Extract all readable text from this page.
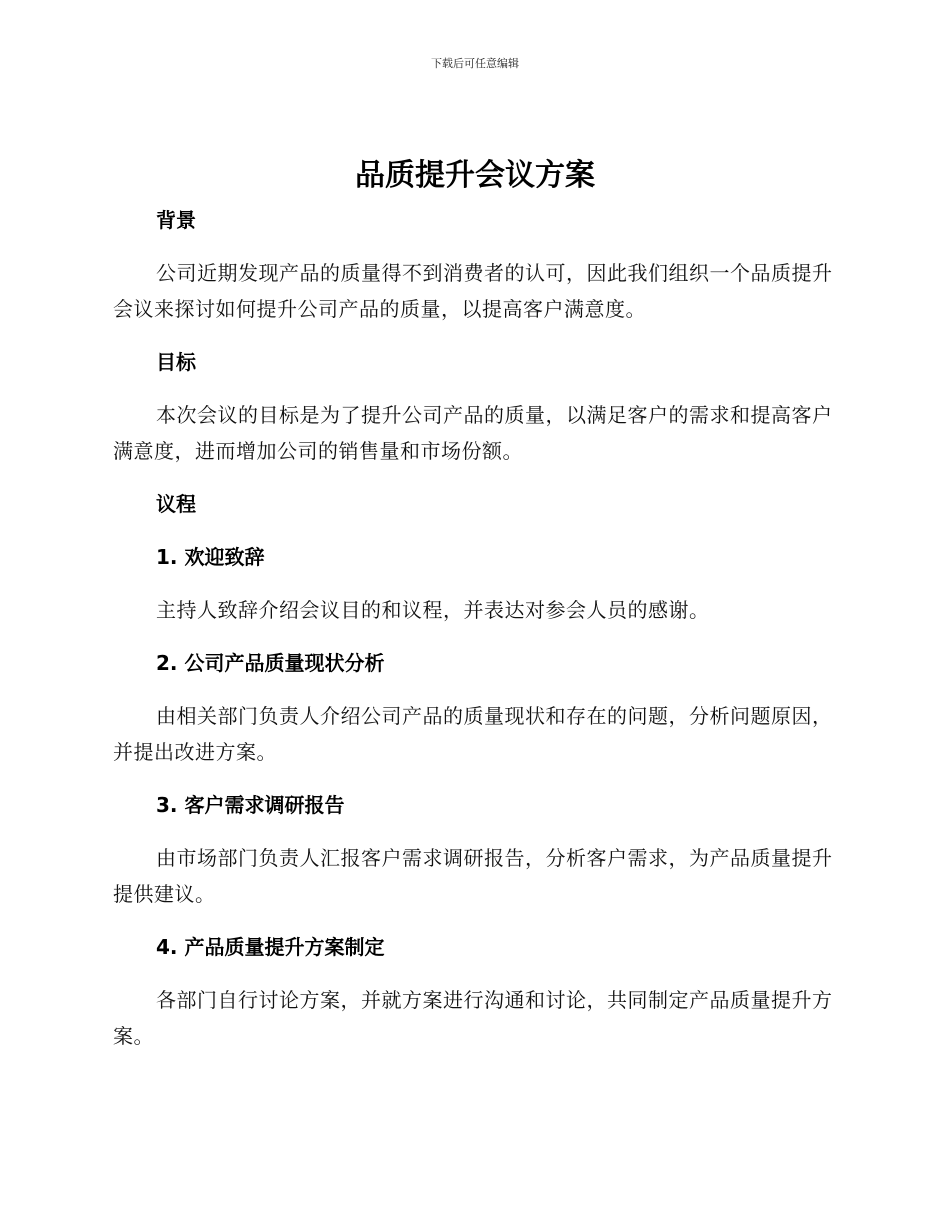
下载后可任意编辑
品质提升会议方案

背景

公司近期发现产品的质量得不到消费者的认可，因此我们组织一个品质提升会议来探讨如何提升公司产品的质量，以提高客户满意度。

目标

本次会议的目标是为了提升公司产品的质量，以满足客户的需求和提高客户满意度，进而增加公司的销售量和市场份额。

议程

1. 欢迎致辞

主持人致辞介绍会议目的和议程，并表达对参会人员的感谢。

2. 公司产品质量现状分析

由相关部门负责人介绍公司产品的质量现状和存在的问题，分析问题原因，并提出改进方案。

3. 客户需求调研报告

由市场部门负责人汇报客户需求调研报告，分析客户需求，为产品质量提升提供建议。

4. 产品质量提升方案制定

各部门自行讨论方案，并就方案进行沟通和讨论，共同制定产品质量提升方案。
